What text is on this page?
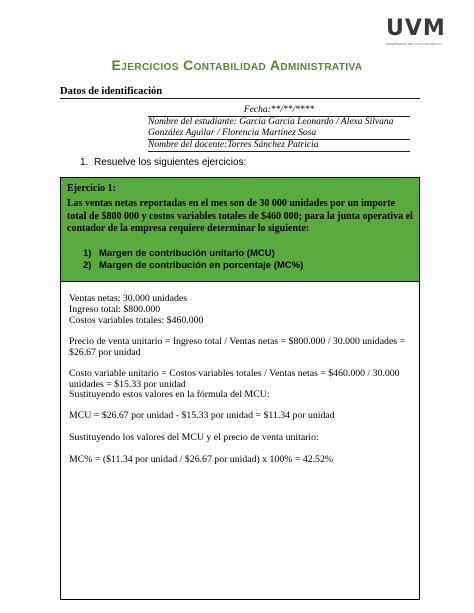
UVM
UNIVERSIDAD DEL VALLE DE MÉXICO
Ejercicios Contabilidad Administrativa
Datos de identificación
Fecha:**/**/****
Nombre del estudiante: García García Leonardo / Alexa Silvana
González Aguilar / Florencia Martínez Sosa
Nombre del docente:Torres Sánchez Patricia
1. Resuelve los siguientes ejercicios:
Ejercicio 1:
Las ventas netas reportadas en el mes son de 30 000 unidades por un importe total de $800 000 y costos variables totales de $460 000; para la junta operativa el contador de la empresa requiere determinar lo siguiente:
1) Margen de contribución unitario (MCU)
2) Margen de contribución en porcentaje (MC%)
Ventas netas: 30.000 unidades
Ingreso total: $800.000
Costos variables totales: $460.000
Precio de venta unitario = Ingreso total / Ventas netas = $800.000 / 30.000 unidades = $26.67 por unidad
Costo variable unitario = Costos variables totales / Ventas netas = $460.000 / 30.000 unidades = $15.33 por unidad
Sustituyendo estos valores en la fórmula del MCU:
MCU = $26.67 por unidad - $15.33 por unidad = $11.34 por unidad
Sustituyendo los valores del MCU y el precio de venta unitario:
MC% = ($11.34 por unidad / $26.67 por unidad) x 100% = 42.52%
